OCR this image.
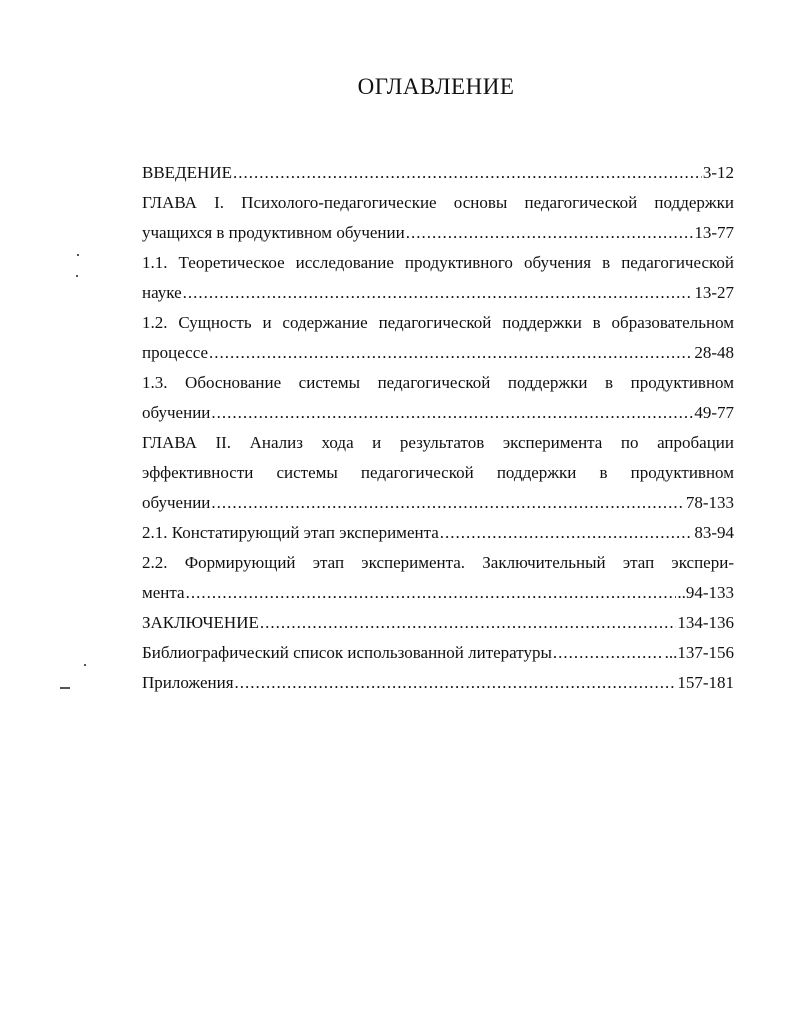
ОГЛАВЛЕНИЕ
ВВЕДЕНИЕ .....	3-12
ГЛАВА I. Психолого-педагогические основы педагогической поддержки
учащихся в продуктивном обучении .....	13-77
1.1. Теоретическое исследование продуктивного обучения в педагогической
науке .....	13-27
1.2. Сущность и содержание педагогической поддержки в образовательном
процессе .....	28-48
1.3. Обоснование системы педагогической поддержки в продуктивном
обучении .....	49-77
ГЛАВА II. Анализ хода и результатов эксперимента по апробации
эффективности системы педагогической поддержки в продуктивном
обучении .....	78-133
2.1. Констатирующий этап эксперимента .....	83-94
2.2. Формирующий этап эксперимента. Заключительный этап экспери-
мента .....	..94-133
ЗАКЛЮЧЕНИЕ .....	134-136
Библиографический список использованной литературы .....	...137-156
Приложения .....	157-181
